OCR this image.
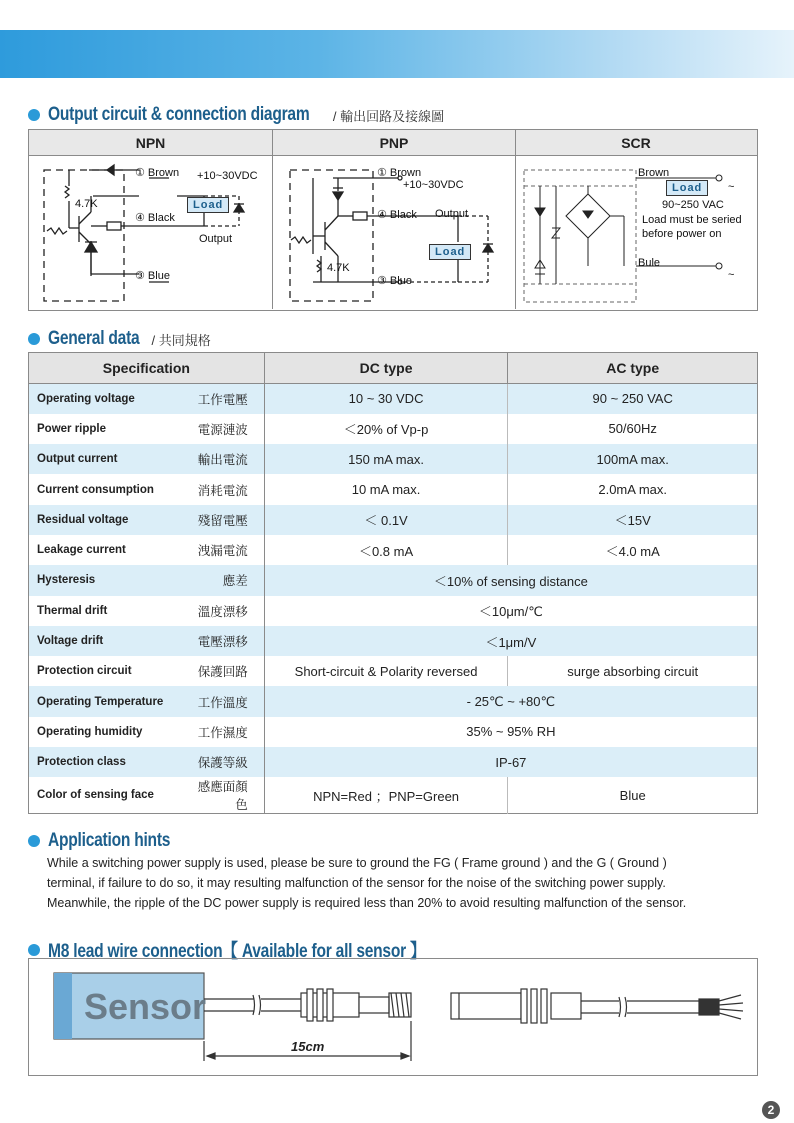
Output circuit & connection diagram / 輸出回路及接線圖
NPN	PNP	SCR
① Brown +10~30VDC
4.7K
④ Black
Load
Output
③ Blue
① Brown
+10~30VDC
④ Black Output
4.7K
Load
③ Blue
Brown
Load	~
90~250 VAC
Load must be seried
before power on
Bule
~
General data / 共同規格
Specification		DC type	AC type
Operating voltage	工作電壓	10 ~ 30 VDC	90 ~ 250 VAC
Power ripple	電源漣波	＜20% of Vp-p	50/60Hz
Output current	輸出電流	150 mA max.	100mA max.
Current consumption	消耗電流	10 mA max.	2.0mA max.
Residual voltage	殘留電壓	＜ 0.1V	＜15V
Leakage current	洩漏電流	＜0.8 mA	＜4.0 mA
Hysteresis	應差	＜10% of sensing distance	
Thermal drift	溫度漂移	＜10μm/℃	
Voltage drift	電壓漂移	＜1μm/V	
Protection circuit	保護回路	Short-circuit & Polarity reversed	surge absorbing circuit
Operating Temperature	工作溫度	- 25℃ ~ +80℃	
Operating humidity	工作濕度	35% ~ 95% RH	
Protection class	保護等級	IP-67	
Color of sensing face	感應面顏色	NPN=Red ；PNP=Green	Blue
Application hints
While a switching power supply is used, please be sure to ground the FG ( Frame ground ) and the G ( Ground )
terminal, if failure to do so, it may resulting malfunction of the sensor for the noise of the switching power supply.
Meanwhile, the ripple of the DC power supply is required less than 20% to avoid resulting malfunction of the sensor.
M8 lead wire connection【 Available for all sensor 】
Sensor
15cm
2
